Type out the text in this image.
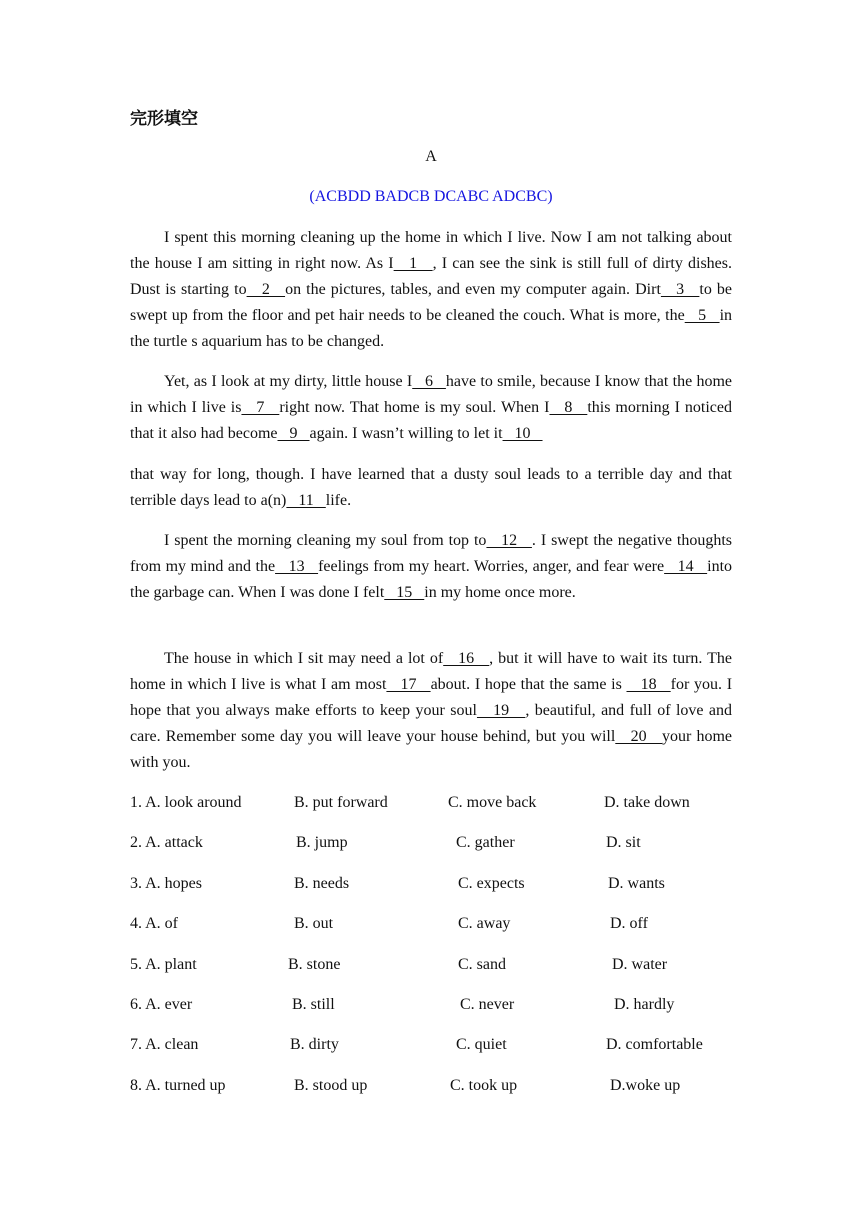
完形填空
A
(ACBDD BADCB DCABC ADCBC)
I spent this morning cleaning up the home in which I live. Now I am not talking about the house I am sitting in right now. As I   1   , I can see the sink is still full of dirty dishes. Dust is starting to   2   on the pictures, tables, and even my computer again. Dirt   3   to be swept up from the floor and pet hair needs to be cleaned the couch. What is more, the   5   in the turtle s aquarium has to be changed.
Yet, as I look at my dirty, little house I   6   have to smile, because I know that the home in which I live is   7   right now. That home is my soul. When I   8   this morning I noticed that it also had become   9   again. I wasn’t willing to let it   10
that way for long, though. I have learned that a dusty soul leads to a terrible day and that terrible days lead to a(n)   11   life.
I spent the morning cleaning my soul from top to   12   . I swept the negative thoughts from my mind and the   13   feelings from my heart. Worries, anger, and fear were   14   into the garbage can. When I was done I felt   15   in my home once more.
The house in which I sit may need a lot of   16   , but it will have to wait its turn. The home in which I live is what I am most   17   about. I hope that the same is    18   for you. I hope that you always make efforts to keep your soul   19   , beautiful, and full of love and care. Remember some day you will leave your house behind, but you will   20   your home with you.
1. A. look around	B. put forward	C. move back	D. take down
2. A. attack	B. jump	C. gather	D. sit
3. A. hopes	B. needs	C. expects	D. wants
4. A. of	B. out	C. away	D. off
5. A. plant	B. stone	C. sand	D. water
6. A. ever	B. still	C. never	D. hardly
7. A. clean	B. dirty	C. quiet	D. comfortable
8. A. turned up	B. stood up	C. took up	D.woke up
